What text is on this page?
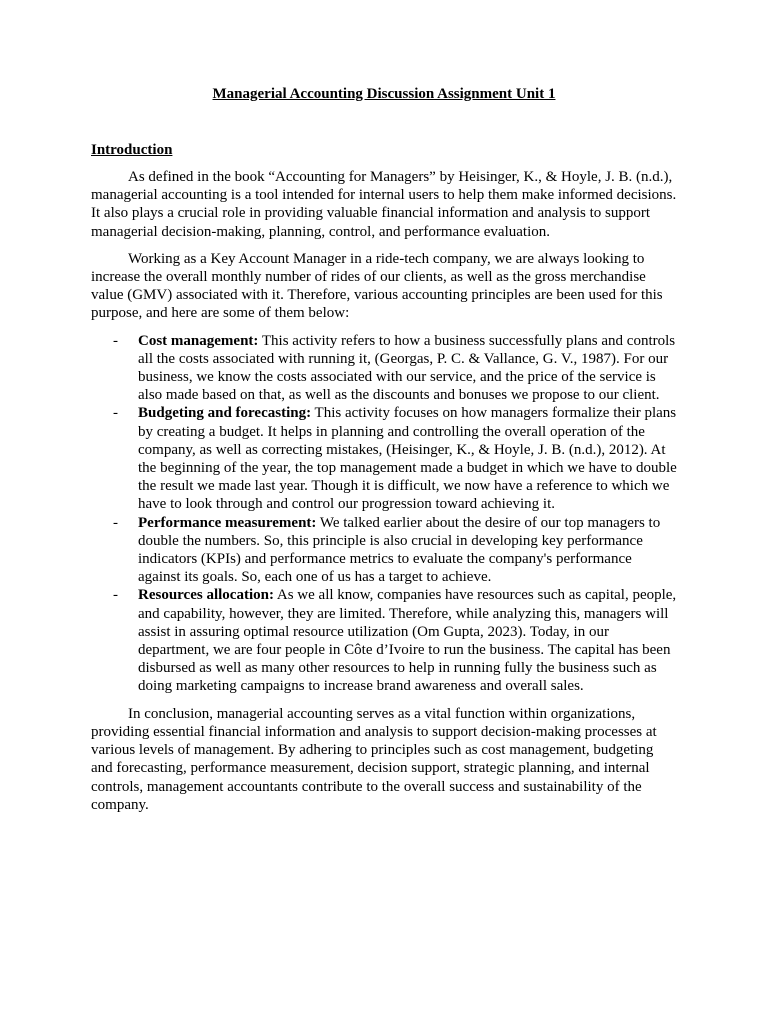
Managerial Accounting Discussion Assignment Unit 1
Introduction

As defined in the book “Accounting for Managers” by Heisinger, K., & Hoyle, J. B. (n.d.), managerial accounting is a tool intended for internal users to help them make informed decisions. It also plays a crucial role in providing valuable financial information and analysis to support managerial decision-making, planning, control, and performance evaluation.

Working as a Key Account Manager in a ride-tech company, we are always looking to increase the overall monthly number of rides of our clients, as well as the gross merchandise value (GMV) associated with it. Therefore, various accounting principles are been used for this purpose, and here are some of them below:

- Cost management: This activity refers to how a business successfully plans and controls all the costs associated with running it, (Georgas, P. C. & Vallance, G. V., 1987). For our business, we know the costs associated with our service, and the price of the service is also made based on that, as well as the discounts and bonuses we propose to our client.
- Budgeting and forecasting: This activity focuses on how managers formalize their plans by creating a budget. It helps in planning and controlling the overall operation of the company, as well as correcting mistakes, (Heisinger, K., & Hoyle, J. B. (n.d.), 2012). At the beginning of the year, the top management made a budget in which we have to double the result we made last year. Though it is difficult, we now have a reference to which we have to look through and control our progression toward achieving it.
- Performance measurement: We talked earlier about the desire of our top managers to double the numbers. So, this principle is also crucial in developing key performance indicators (KPIs) and performance metrics to evaluate the company's performance against its goals. So, each one of us has a target to achieve.
- Resources allocation: As we all know, companies have resources such as capital, people, and capability, however, they are limited. Therefore, while analyzing this, managers will assist in assuring optimal resource utilization (Om Gupta, 2023). Today, in our department, we are four people in Côte d’Ivoire to run the business. The capital has been disbursed as well as many other resources to help in running fully the business such as doing marketing campaigns to increase brand awareness and overall sales.

In conclusion, managerial accounting serves as a vital function within organizations, providing essential financial information and analysis to support decision-making processes at various levels of management. By adhering to principles such as cost management, budgeting and forecasting, performance measurement, decision support, strategic planning, and internal controls, management accountants contribute to the overall success and sustainability of the company.
